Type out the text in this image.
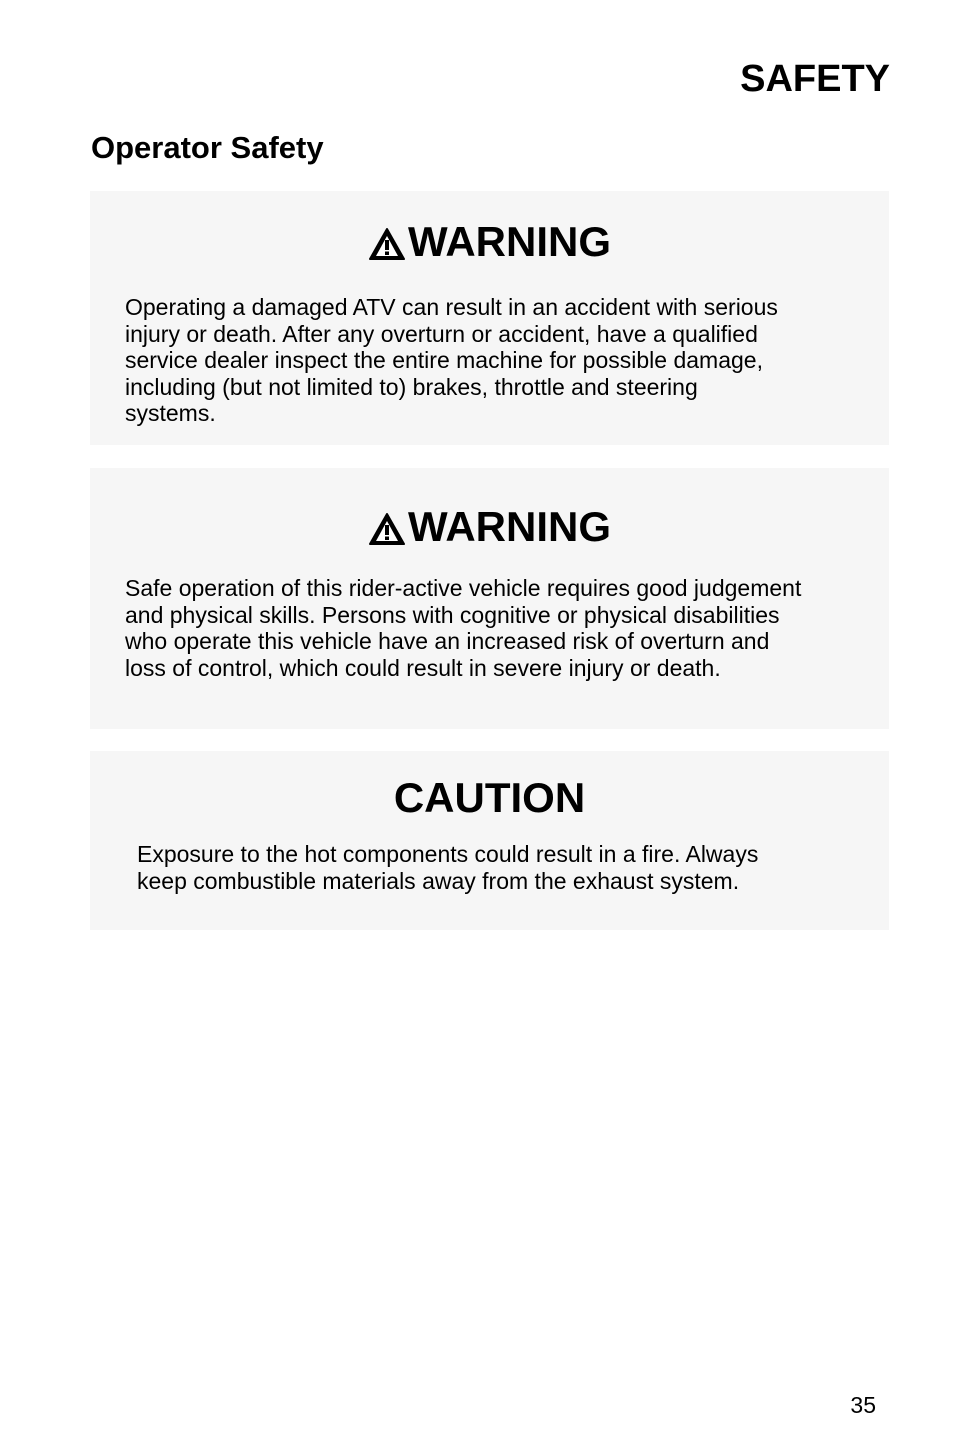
SAFETY
Operator Safety
WARNING

Operating a damaged ATV can result in an accident with serious
injury or death. After any overturn or accident, have a qualified
service dealer inspect the entire machine for possible damage,
including (but not limited to) brakes, throttle and steering
systems.

WARNING

Safe operation of this rider-active vehicle requires good judgement
and physical skills. Persons with cognitive or physical disabilities
who operate this vehicle have an increased risk of overturn and
loss of control, which could result in severe injury or death.

CAUTION

Exposure to the hot components could result in a fire. Always
keep combustible materials away from the exhaust system.

35
